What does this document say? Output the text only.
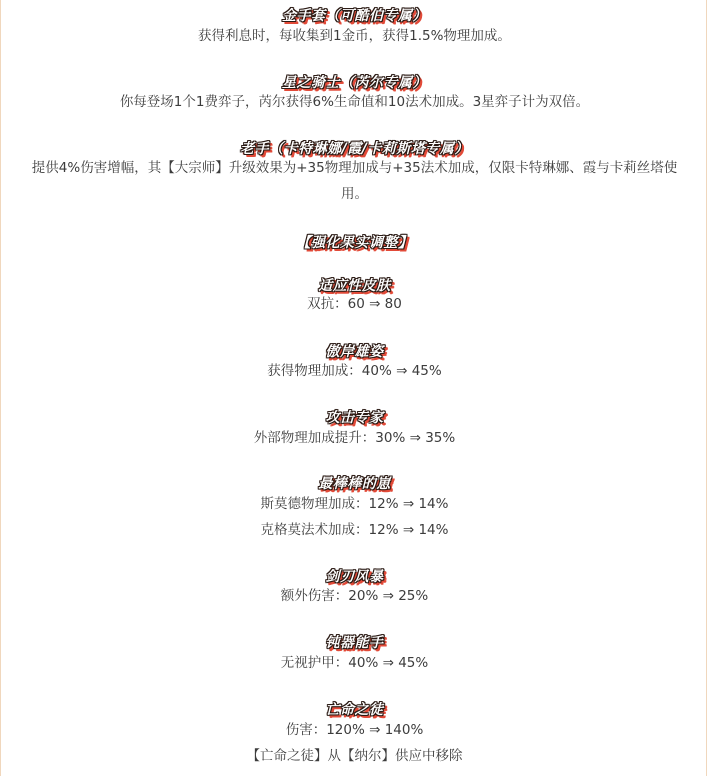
金手套（可酷伯专属）
获得利息时，每收集到1金币，获得1.5%物理加成。
星之骑士（芮尔专属）
你每登场1个1费弈子，芮尔获得6%生命值和10法术加成。3星弈子计为双倍。
老手（卡特琳娜/霞/卡莉斯塔专属）
提供4%伤害增幅，其【大宗师】升级效果为+35物理加成与+35法术加成，仅限卡特琳娜、霞与卡莉丝塔使用。
【强化果实调整】
适应性皮肤
双抗：60 ⇒ 80
傲岸雄姿
获得物理加成：40% ⇒ 45%
攻击专家
外部物理加成提升：30% ⇒ 35%
最棒棒的崽
斯莫德物理加成：12% ⇒ 14%
克格莫法术加成：12% ⇒ 14%
剑刃风暴
额外伤害：20% ⇒ 25%
钝器能手
无视护甲：40% ⇒ 45%
亡命之徒
伤害：120% ⇒ 140%
【亡命之徒】从【纳尔】供应中移除
